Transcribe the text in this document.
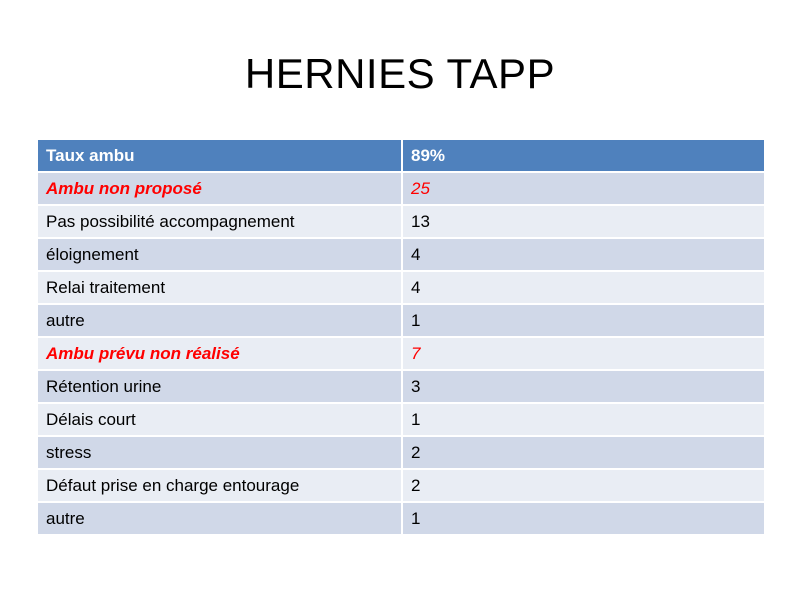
HERNIES TAPP
Taux ambu	89%
Ambu non proposé	25
Pas possibilité accompagnement	13
éloignement	4
Relai traitement	4
autre	1
Ambu prévu non réalisé	7
Rétention urine	3
Délais court	1
stress	2
Défaut prise en charge entourage	2
autre	1
